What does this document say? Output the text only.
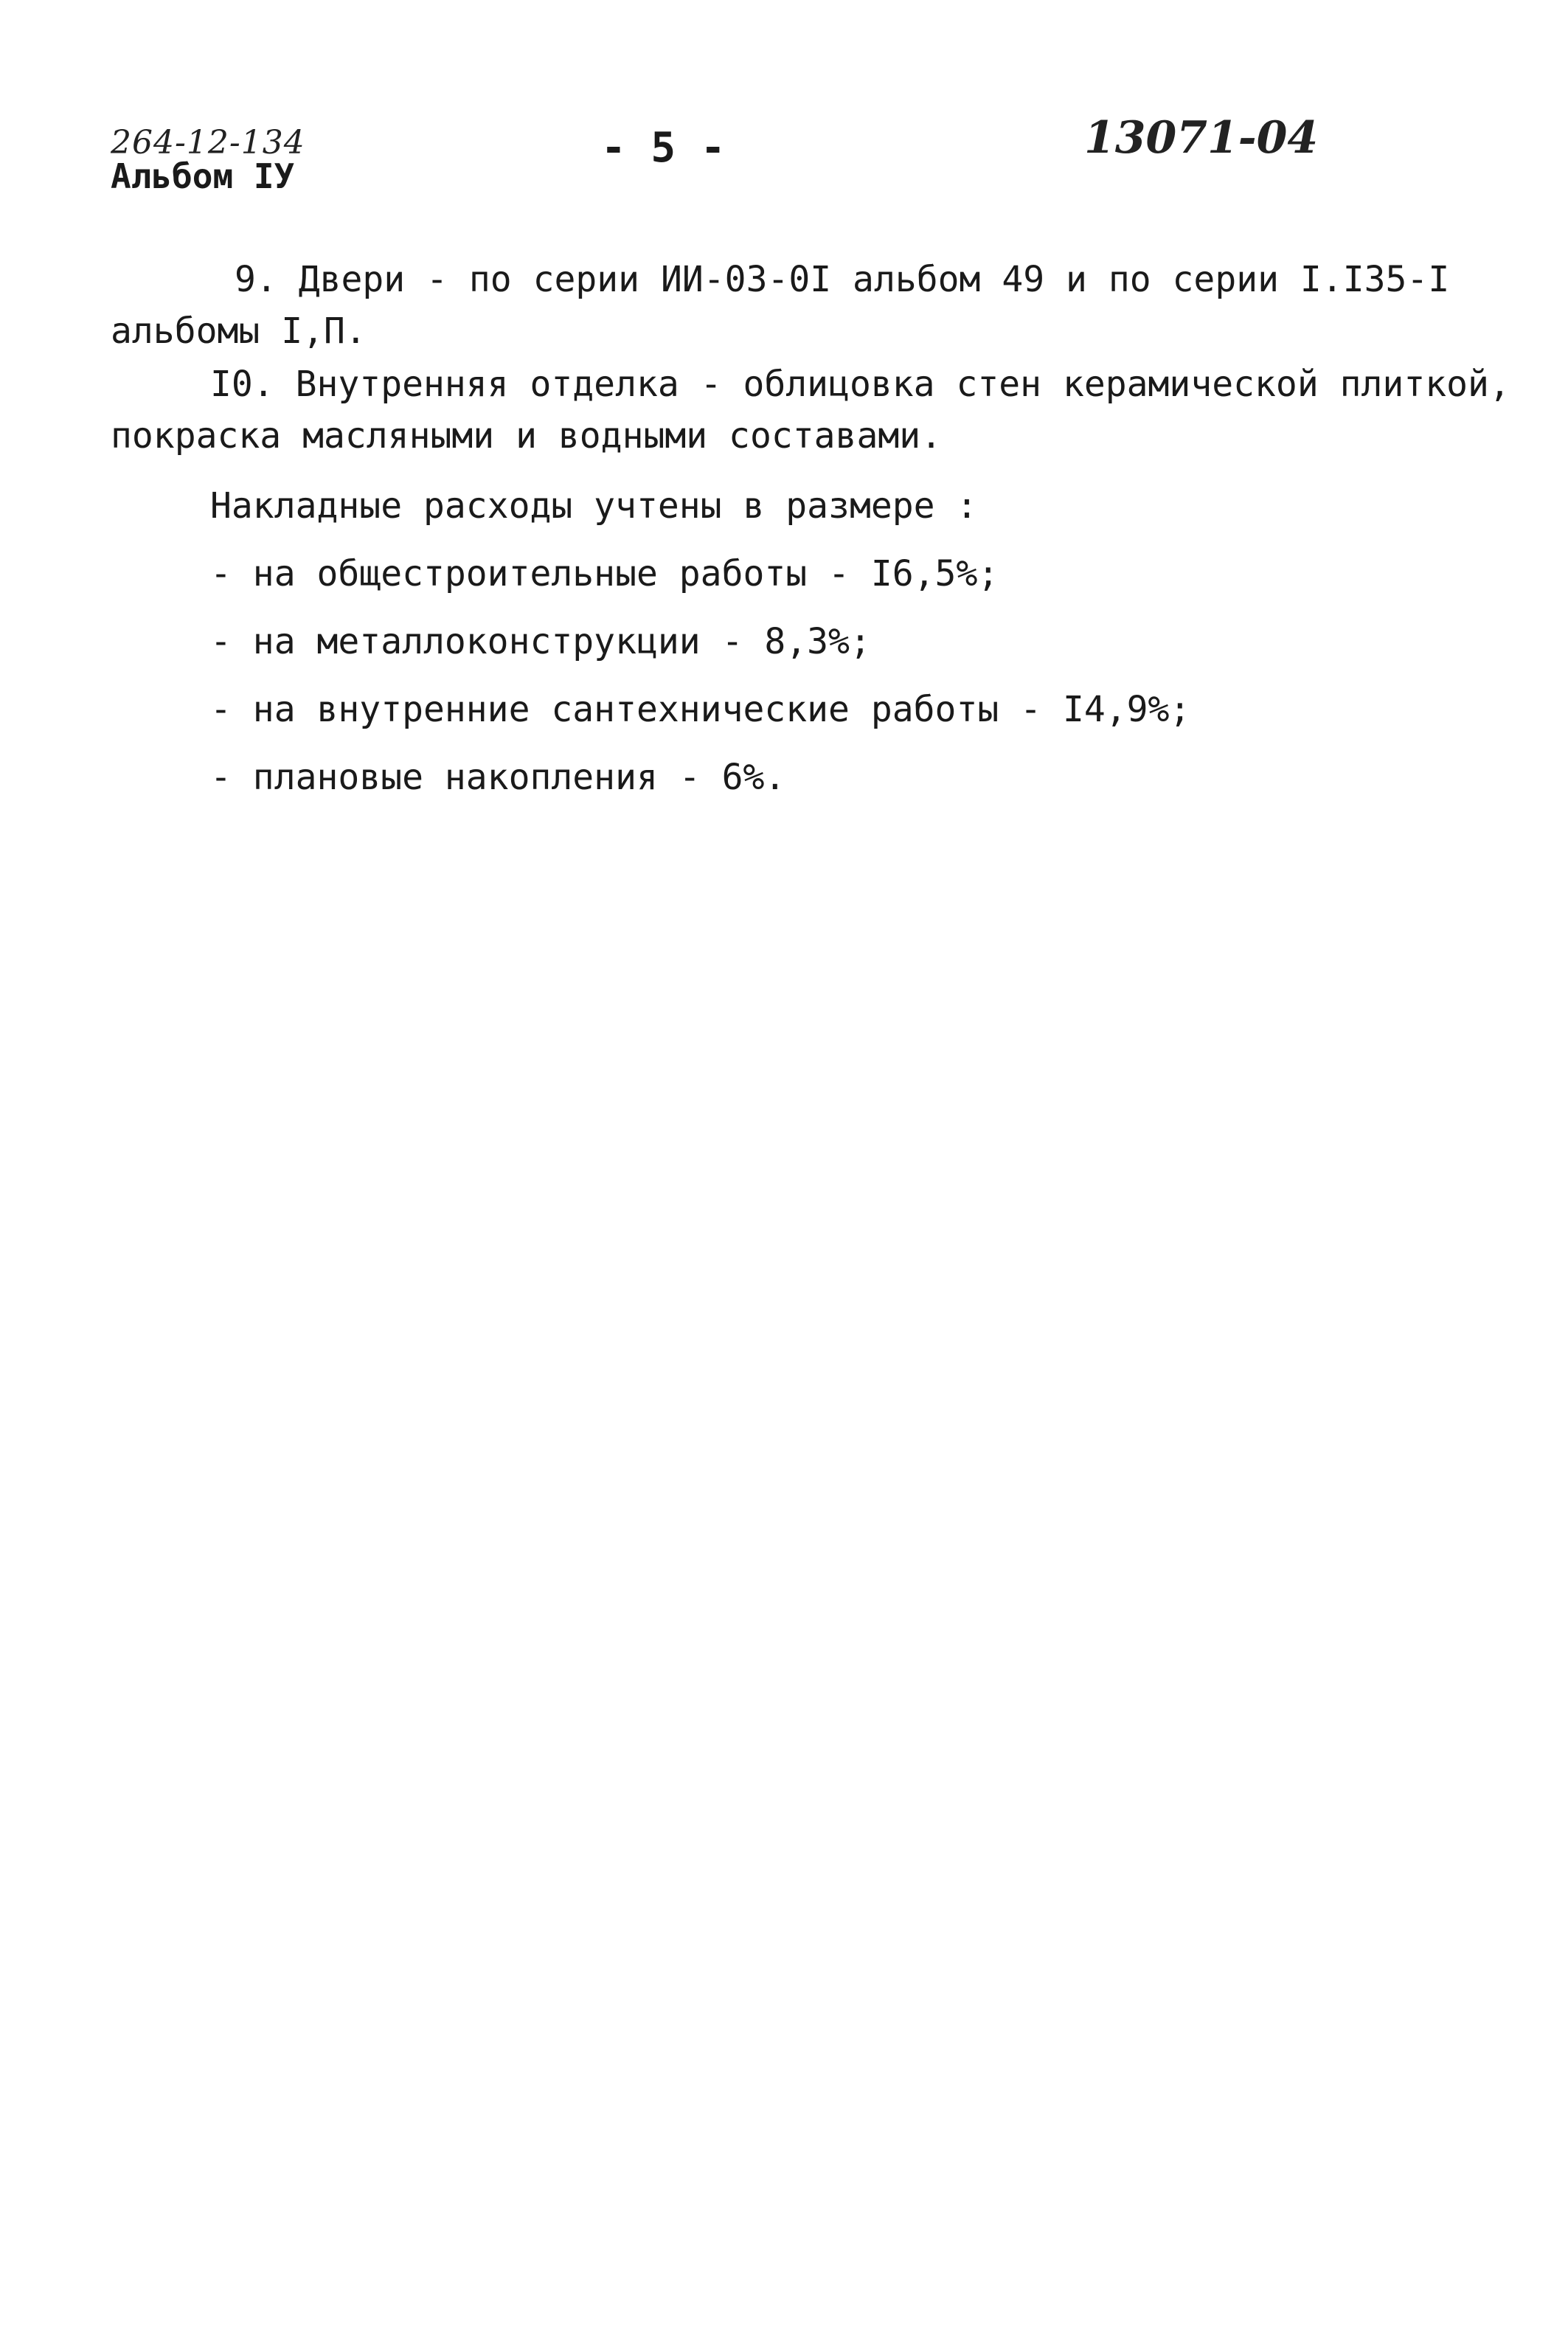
264-12-134
Альбом IУ
- 5 -	13071-04
9. Двери - по серии ИИ-03-0I альбом 49 и по серии I.I35-I
альбомы I,П.
I0. Внутренняя отделка - облицовка стен керамической плиткой,
покраска масляными и водными составами.
Накладные расходы учтены в размере :
- на общестроительные работы - I6,5%;
- на металлоконструкции - 8,3%;
- на внутренние сантехнические работы - I4,9%;
- плановые накопления - 6%.
